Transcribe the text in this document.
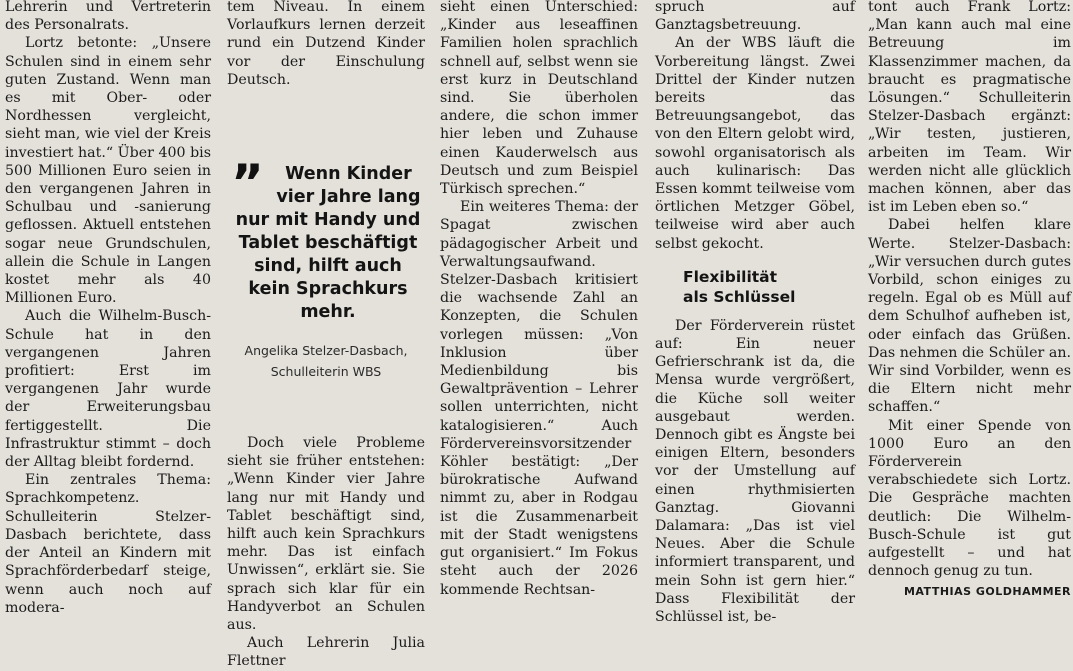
Lehrerin und Vertreterin des Personalrats.

Lortz betonte: „Unsere Schulen sind in einem sehr guten Zustand. Wenn man es mit Ober- oder Nordhessen vergleicht, sieht man, wie viel der Kreis investiert hat.“ Über 400 bis 500 Millionen Euro seien in den vergangenen Jahren in Schulbau und -sanierung geflossen. Aktuell entstehen sogar neue Grundschulen, allein die Schule in Langen kostet mehr als 40 Millionen Euro.

Auch die Wilhelm-Busch-Schule hat in den vergangenen Jahren profitiert: Erst im vergangenen Jahr wurde der Erweiterungsbau fertiggestellt. Die Infrastruktur stimmt – doch der Alltag bleibt fordernd.

Ein zentrales Thema: Sprachkompetenz. Schulleiterin Stelzer-Dasbach berichtete, dass der Anteil an Kindern mit Sprachförderbedarf steige, wenn auch noch auf modera-

tem Niveau. In einem Vorlaufkurs lernen derzeit rund ein Dutzend Kinder vor der Einschulung Deutsch.

”	Wenn Kinder vier Jahre lang nur mit Handy und Tablet beschäftigt sind, hilft auch kein Sprachkurs mehr.
Angelika Stelzer-Dasbach,
Schulleiterin WBS

Doch viele Probleme sieht sie früher entstehen: „Wenn Kinder vier Jahre lang nur mit Handy und Tablet beschäftigt sind, hilft auch kein Sprachkurs mehr. Das ist einfach Unwissen“, erklärt sie. Sie sprach sich klar für ein Handyverbot an Schulen aus.

Auch Lehrerin Julia Flettner

sieht einen Unterschied: „Kinder aus leseaffinen Familien holen sprachlich schnell auf, selbst wenn sie erst kurz in Deutschland sind. Sie überholen andere, die schon immer hier leben und Zuhause einen Kauderwelsch aus Deutsch und zum Beispiel Türkisch sprechen.“

Ein weiteres Thema: der Spagat zwischen pädagogischer Arbeit und Verwaltungsaufwand. Stelzer-Dasbach kritisiert die wachsende Zahl an Konzepten, die Schulen vorlegen müssen: „Von Inklusion über Medienbildung bis Gewaltprävention – Lehrer sollen unterrichten, nicht katalogisieren.“ Auch Fördervereinsvorsitzender Köhler bestätigt: „Der bürokratische Aufwand nimmt zu, aber in Rodgau ist die Zusammenarbeit mit der Stadt wenigstens gut organisiert.“ Im Fokus steht auch der 2026 kommende Rechtsan-

spruch auf Ganztagsbetreuung.

An der WBS läuft die Vorbereitung längst. Zwei Drittel der Kinder nutzen bereits das Betreuungsangebot, das von den Eltern gelobt wird, sowohl organisatorisch als auch kulinarisch: Das Essen kommt teilweise vom örtlichen Metzger Göbel, teilweise wird aber auch selbst gekocht.

Flexibilität
als Schlüssel

Der Förderverein rüstet auf: Ein neuer Gefrierschrank ist da, die Mensa wurde vergrößert, die Küche soll weiter ausgebaut werden. Dennoch gibt es Ängste bei einigen Eltern, besonders vor der Umstellung auf einen rhythmisierten Ganztag. Giovanni Dalamara: „Das ist viel Neues. Aber die Schule informiert transparent, und mein Sohn ist gern hier.“ Dass Flexibilität der Schlüssel ist, be-

tont auch Frank Lortz: „Man kann auch mal eine Betreuung im Klassenzimmer machen, da braucht es pragmatische Lösungen.“ Schulleiterin Stelzer-Dasbach ergänzt: „Wir testen, justieren, arbeiten im Team. Wir werden nicht alle glücklich machen können, aber das ist im Leben eben so.“

Dabei helfen klare Werte. Stelzer-Dasbach: „Wir versuchen durch gutes Vorbild, schon einiges zu regeln. Egal ob es Müll auf dem Schulhof aufheben ist, oder einfach das Grüßen. Das nehmen die Schüler an. Wir sind Vorbilder, wenn es die Eltern nicht mehr schaffen.“

Mit einer Spende von 1000 Euro an den Förderverein verabschiedete sich Lortz. Die Gespräche machten deutlich: Die Wilhelm-Busch-Schule ist gut aufgestellt – und hat dennoch genug zu tun.

MATTHIAS GOLDHAMMER
